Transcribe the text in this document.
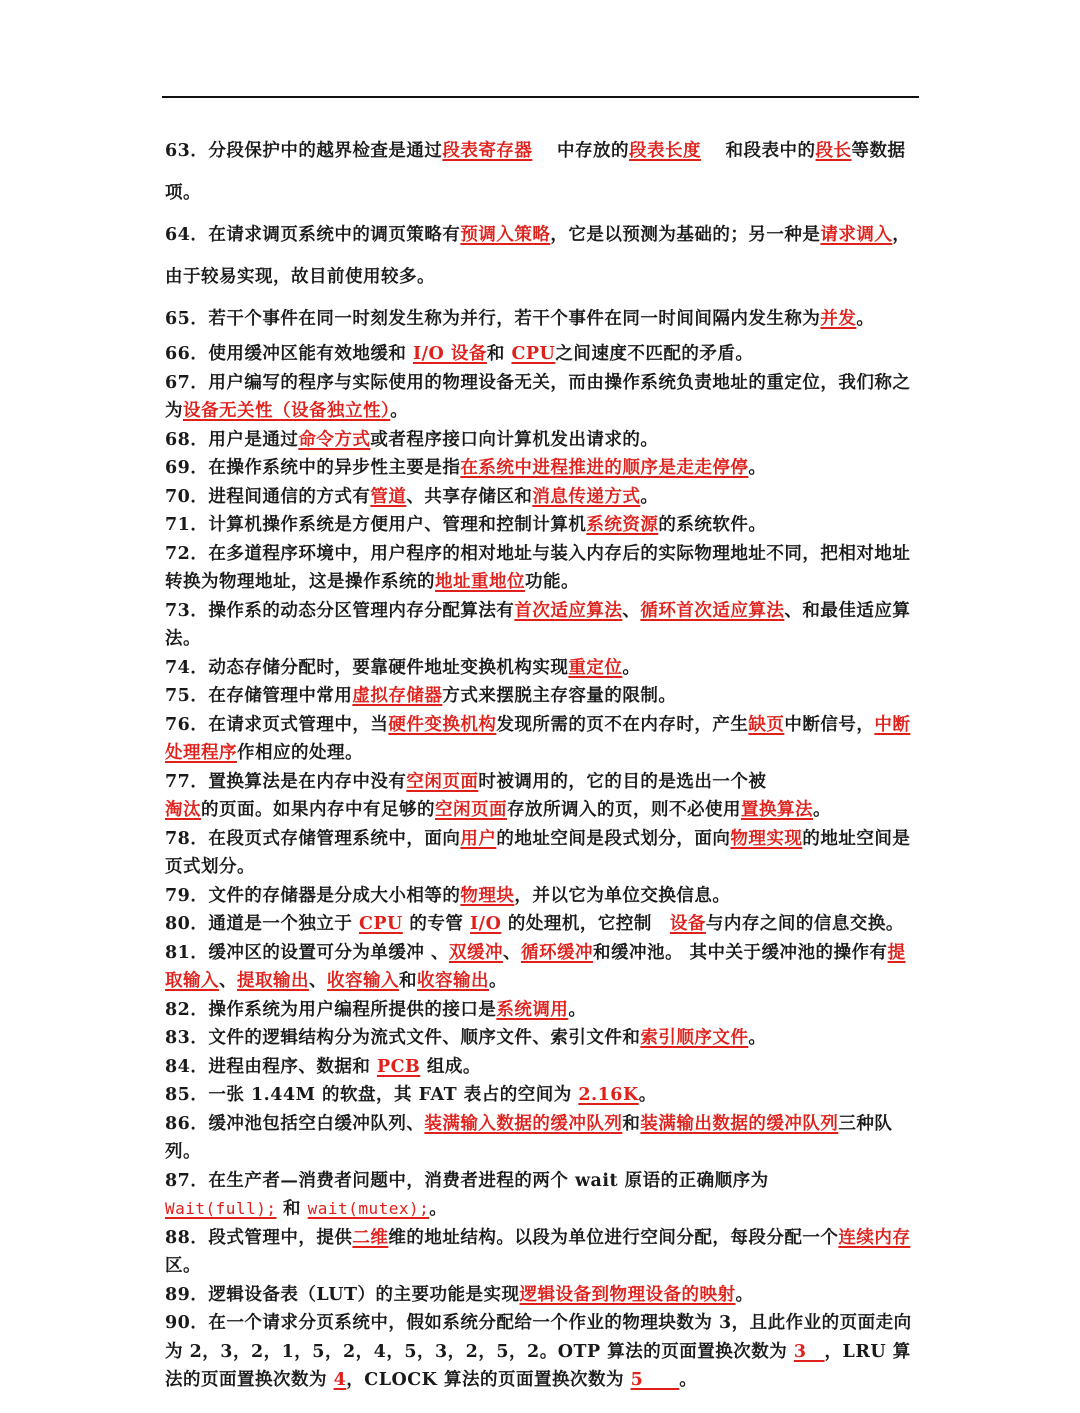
63．分段保护中的越界检查是通过段表寄存器　 中存放的段表长度　 和段表中的段长等数据项。

64．在请求调页系统中的调页策略有预调入策略，它是以预测为基础的；另一种是请求调入，由于较易实现，故目前使用较多。

65．若干个事件在同一时刻发生称为并行，若干个事件在同一时间间隔内发生称为并发。

66．使用缓冲区能有效地缓和 I/O 设备和 CPU之间速度不匹配的矛盾。

67．用户编写的程序与实际使用的物理设备无关，而由操作系统负责地址的重定位，我们称之为设备无关性（设备独立性）。

68．用户是通过命令方式或者程序接口向计算机发出请求的。

69．在操作系统中的异步性主要是指在系统中进程推进的顺序是走走停停。

70．进程间通信的方式有管道、共享存储区和消息传递方式。

71．计算机操作系统是方便用户、管理和控制计算机系统资源的系统软件。

72．在多道程序环境中，用户程序的相对地址与装入内存后的实际物理地址不同，把相对地址转换为物理地址，这是操作系统的地址重地位功能。

73．操作系的动态分区管理内存分配算法有首次适应算法、循环首次适应算法、和最佳适应算法。

74．动态存储分配时，要靠硬件地址变换机构实现重定位。

75．在存储管理中常用虚拟存储器方式来摆脱主存容量的限制。

76．在请求页式管理中，当硬件变换机构发现所需的页不在内存时，产生缺页中断信号，中断处理程序作相应的处理。

77．置换算法是在内存中没有空闲页面时被调用的，它的目的是选出一个被　　　　　　　　淘汰的页面。如果内存中有足够的空闲页面存放所调入的页，则不必使用置换算法。

78．在段页式存储管理系统中，面向用户的地址空间是段式划分，面向物理实现的地址空间是页式划分。

79．文件的存储器是分成大小相等的物理块，并以它为单位交换信息。

80．通道是一个独立于 CPU 的专管 I/O 的处理机，它控制　设备与内存之间的信息交换。

81．缓冲区的设置可分为单缓冲 、双缓冲、循环缓冲和缓冲池。 其中关于缓冲池的操作有提取输入、提取输出、收容输入和收容输出。

82．操作系统为用户编程所提供的接口是系统调用。

83．文件的逻辑结构分为流式文件、顺序文件、索引文件和索引顺序文件。

84．进程由程序、数据和 PCB 组成。

85．一张 1.44M 的软盘，其 FAT 表占的空间为 2.16K。

86．缓冲池包括空白缓冲队列、装满输入数据的缓冲队列和装满输出数据的缓冲队列三种队列。

87．在生产者—消费者问题中，消费者进程的两个 wait 原语的正确顺序为　　　　　　　Wait(full); 和 wait(mutex);。

88．段式管理中，提供二维维的地址结构。以段为单位进行空间分配，每段分配一个连续内存区。

89．逻辑设备表（LUT）的主要功能是实现逻辑设备到物理设备的映射。

90．在一个请求分页系统中，假如系统分配给一个作业的物理块数为 3，且此作业的页面走向为 2，3，2，1，5，2，4，5，3，2，5，2。OTP 算法的页面置换次数为 3　，LRU 算法的页面置换次数为 4，CLOCK 算法的页面置换次数为 5　　。
